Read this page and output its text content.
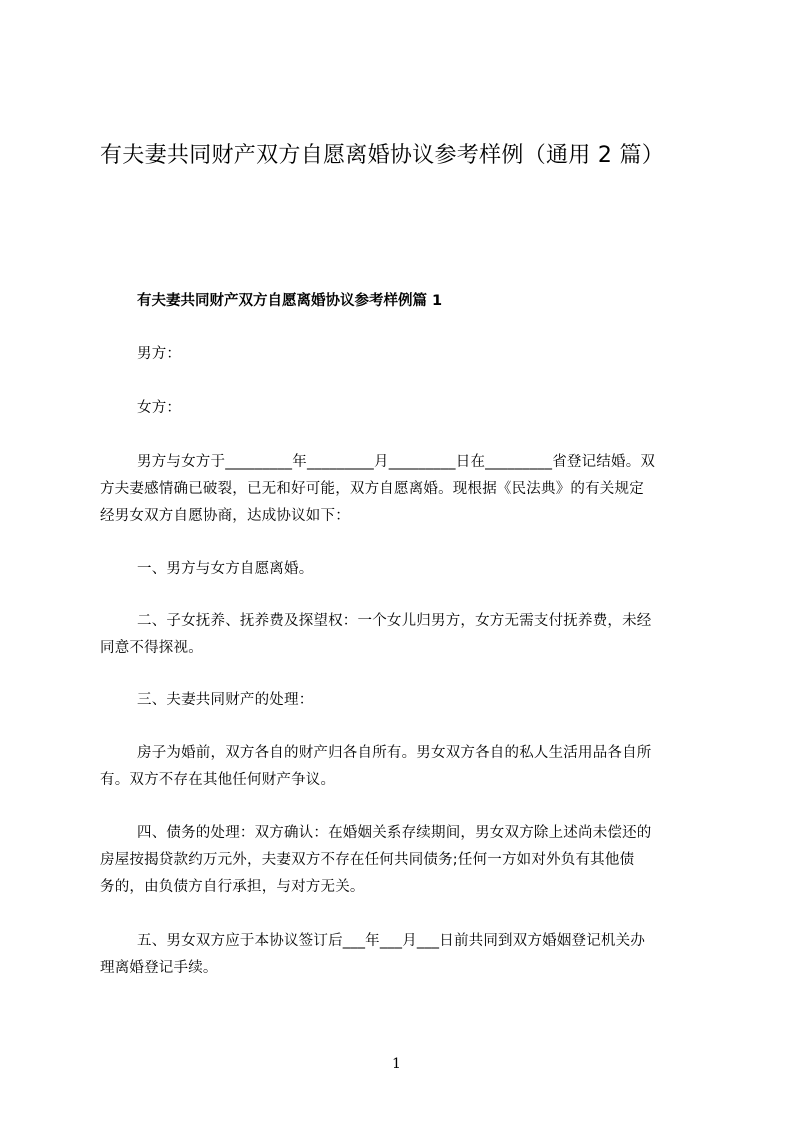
有夫妻共同财产双方自愿离婚协议参考样例（通用 2 篇）
有夫妻共同财产双方自愿离婚协议参考样例篇 1
男方：
女方：
男方与女方于_________年_________月_________日在_________省登记结婚。双
方夫妻感情确已破裂，已无和好可能，双方自愿离婚。现根据《民法典》的有关规定
经男女双方自愿协商，达成协议如下：
一、男方与女方自愿离婚。
二、子女抚养、抚养费及探望权：一个女儿归男方，女方无需支付抚养费，未经
同意不得探视。
三、夫妻共同财产的处理：
房子为婚前，双方各自的财产归各自所有。男女双方各自的私人生活用品各自所
有。双方不存在其他任何财产争议。
四、债务的处理：双方确认：在婚姻关系存续期间，男女双方除上述尚未偿还的
房屋按揭贷款约万元外，夫妻双方不存在任何共同债务;任何一方如对外负有其他债
务的，由负债方自行承担，与对方无关。
五、男女双方应于本协议签订后___年___月___日前共同到双方婚姻登记机关办
理离婚登记手续。
1
